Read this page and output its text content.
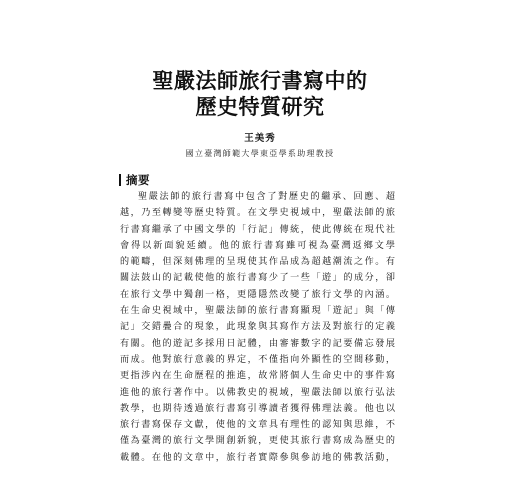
聖嚴法師旅行書寫中的
歷史特質研究
王美秀
國立臺灣師範大學東亞學系助理教授
摘要
聖嚴法師的旅行書寫中包含了對歷史的繼承、回應、超
越，乃至轉變等歷史特質。在文學史視域中，聖嚴法師的旅
行書寫繼承了中國文學的「行記」傳統，使此傳統在現代社
會得以新面貌延續。他的旅行書寫雖可視為臺灣返鄉文學
的範疇，但深刻佛理的呈現使其作品成為超越潮流之作。有
關法鼓山的記載使他的旅行書寫少了一些「遊」的成分，卻
在旅行文學中獨創一格，更隱隱然改變了旅行文學的內涵。
在生命史視域中，聖嚴法師的旅行書寫顯現「遊記」與「傳
記」交錯疊合的現象，此現象與其寫作方法及對旅行的定義
有關。他的遊記多採用日記體，由審審數字的記要備忘發展
而成。他對旅行意義的界定，不僅指向外顯性的空間移動，
更指涉內在生命歷程的推進，故常將個人生命史中的事件寫
進他的旅行著作中。以佛教史的視域，聖嚴法師以旅行弘法
教學，也期待透過旅行書寫引導讀者獲得佛理法義。他也以
旅行書寫保存文獻，使他的文章具有理性的認知與思維，不
僅為臺灣的旅行文學開創新貌，更使其旅行書寫成為歷史的
載體。在他的文章中，旅行者實際參與參訪地的佛教活動，
